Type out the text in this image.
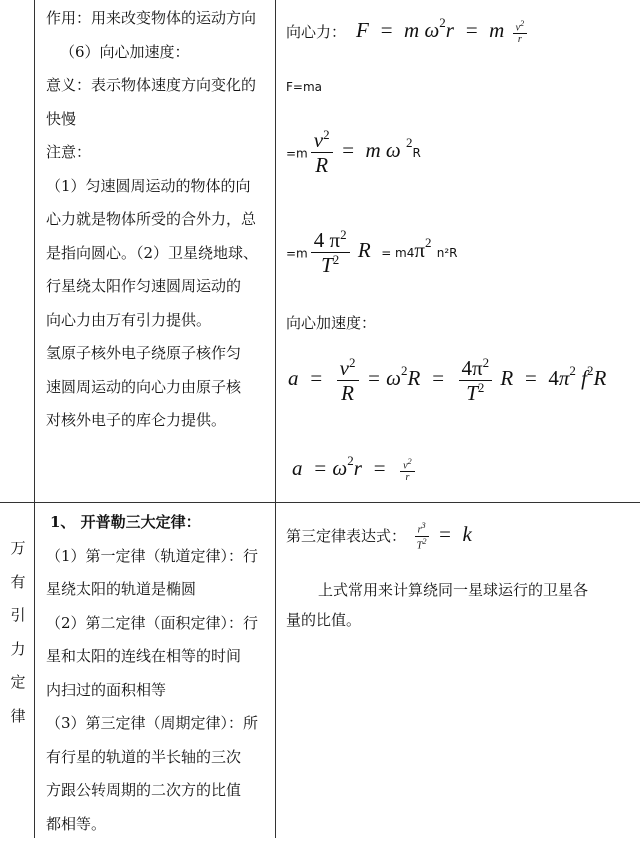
作用：用来改变物体的运动方向

（6）向心加速度：

意义：表示物体速度方向变化的

快慢

注意：

（1）匀速圆周运动的物体的向

心力就是物体所受的合外力，总

是指向圆心。（2）卫星绕地球、

行星绕太阳作匀速圆周运动的

向心力由万有引力提供。

氢原子核外电子绕原子核作匀

速圆周运动的向心力由原子核

对核外电子的库仑力提供。

向心力：  F  =  m $\omega^2r = m \frac{v^2}{r}$
F=ma
$=m \frac{v^2}{R} = m$ ω $^2$R
$=m \frac{4 \pi^2}{T^2}$ $R = m4\pi^2$ n²R
向心加速度：
$a = \frac{v^2}{R} = \omega^2R = \frac{4\pi^2}{T^2}$ $R = 4\pi^2$ $f^2R$
$a = \omega^2r = \frac{v^2}{r}$
万
有
引
力
定
律

1、 开普勒三大定律：

（1）第一定律（轨道定律）：行

星绕太阳的轨道是椭圆

（2）第二定律（面积定律）：行

星和太阳的连线在相等的时间

内扫过的面积相等

（3）第三定律（周期定律）：所

有行星的轨道的半长轴的三次

方跟公转周期的二次方的比值

都相等。

第三定律表达式： $\frac{r^3}{T^2} = k$
上式常用来计算绕同一星球运行的卫星各
量的比值。
